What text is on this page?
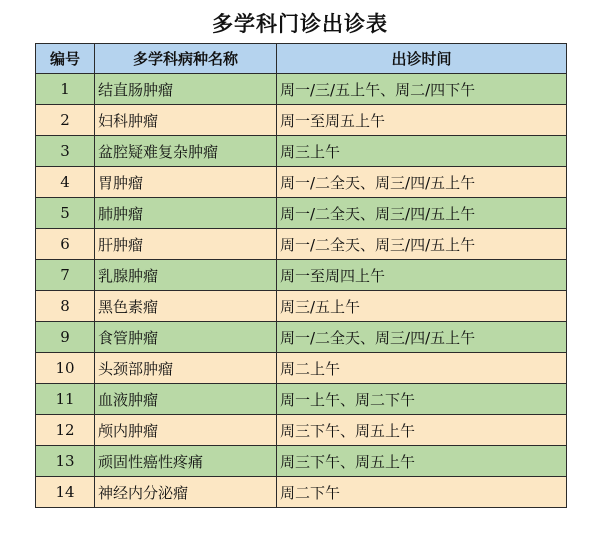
多学科门诊出诊表
编号	多学科病种名称	出诊时间
1	结直肠肿瘤	周一/三/五上午、周二/四下午
2	妇科肿瘤	周一至周五上午
3	盆腔疑难复杂肿瘤	周三上午
4	胃肿瘤	周一/二全天、周三/四/五上午
5	肺肿瘤	周一/二全天、周三/四/五上午
6	肝肿瘤	周一/二全天、周三/四/五上午
7	乳腺肿瘤	周一至周四上午
8	黑色素瘤	周三/五上午
9	食管肿瘤	周一/二全天、周三/四/五上午
10	头颈部肿瘤	周二上午
11	血液肿瘤	周一上午、周二下午
12	颅内肿瘤	周三下午、周五上午
13	顽固性癌性疼痛	周三下午、周五上午
14	神经内分泌瘤	周二下午
